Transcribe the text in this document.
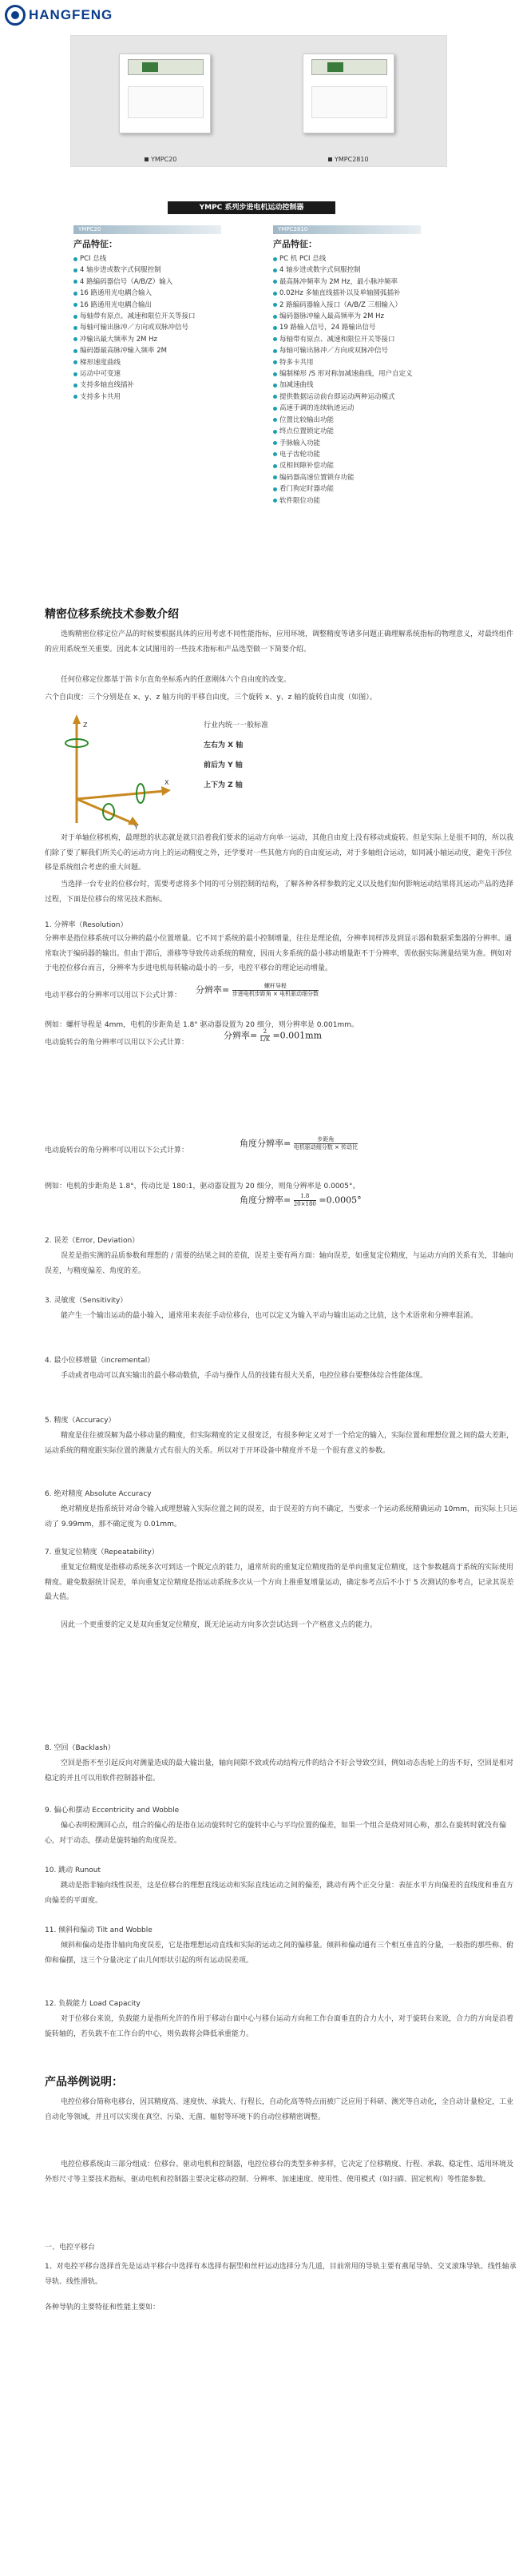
HANGFENG
YMPC20	YMPC2810
YMPC 系列步进电机运动控制器
YMPC20
产品特征：
PCI 总线
4 轴步进或数字式伺服控制
4 路编码器信号（A/B/Z）输入
16 路通用光电耦合输入
16 路通用光电耦合输出
每轴带有原点、减速和限位开关等接口
每轴可输出脉冲／方向或双脉冲信号
冲输出最大频率为 2M Hz
编码器最高脉冲输入频率 2M
梯形速度曲线
运动中可变速
支持多轴直线插补
支持多卡共用
YMPC2810
产品特征：
PC 机 PCI 总线
4 轴步进或数字式伺服控制
最高脉冲频率为 2M Hz，最小脉冲频率
0.02Hz 多轴直线插补以及单轴圆弧插补
2 路编码器输入接口（A/B/Z 三相输入）
编码器脉冲输入最高频率为 2M Hz
19 路输入信号，24 路输出信号
每轴带有原点、减速和限位开关等接口
每轴可输出脉冲／方向或双脉冲信号
特多卡共用
编制梯形 /S 形对称加减速曲线，用户自定义
加减速曲线
提供数据运动前台即运动两种运动模式
高速手调的连续轨迹运动
位置比较输出功能
终点位置锁定功能
手脉输入功能
电子齿轮功能
反相间隙补偿功能
编码器高速位置锁存功能
看门狗定时器功能
软件限位功能
精密位移系统技术参数介绍
选购精密位移定位产品的时候要根据具体的应用考虑不同性能指标，应用环境，调整精度等诸多问题正确理解系统指标的物理意义，对最终组件的应用系统至关重要。因此本文试图用的一些技术指标和产品选型做一下简要介绍。
任何位移定位都基于笛卡尔直角坐标系内的任意刚体六个自由度的改变。
六个自由度：三个分别是在 x、y、z 轴方向的平移自由度，三个旋转 x、y、z 轴的旋转自由度（如图）。
Z
X
Y
行业内统一一般标准
左右为 X 轴
前后为 Y 轴
上下为 Z 轴
对于单轴位移机构，最理想的状态就是就只沿着我们要求的运动方向单一运动，其他自由度上没有移动或旋转。但是实际上是很不同的，所以我们除了要了解我们所关心的运动方向上的运动精度之外，还学要对一些其他方向的自由度运动，对于多轴组合运动，如同减小轴运动度，避免干涉位移是系统组合考虑的重大问题。
当选择一台专业的位移台时，需要考虑将多个同的可分别控制的结构，了解各种各样参数的定义以及他们如何影响运动结果将其运动产品的选择过程，下面是位移台的常见技术指标。
1. 分辨率（Resolution）
分辨率是指位移系统可以分辨的最小位置增量。它不同于系统的最小控制增量，往往是理论值，分辨率同样涉及到显示器和数据采集器的分辨率。通常取决于编码器的输出。但由于滞后，滑移等导致传动系统的精度，因而大多系统的最小移动增量距不于分辨率，需依据实际测量结果为准。例如对于电控位移台而言，分辨率为步进电机每转输动最小的一步，电控平移台的理论运动增量。
电动平移台的分辨率可以用以下公式计算：
分辨率= $\frac{\text{螺杆导程}}{\text{步进电机步距角 × 电机驱动细分数}}$
例如：螺杆导程是 4mm，电机的步距角是 1.8° 驱动器设置为 20 细分，则分辨率是 0.001mm。
电动旋转台的角分辨率可以用以下公式计算：
分辨率= $\frac{2}{L/K} =0.001mm$
电动旋转台的角分辨率可以用以下公式计算：
角度分辨率= $\frac{\text{步距角}}{\text{电机驱动细分数 × 传动比}}$
例如：电机的步距角是 1.8°，传动比是 180:1，驱动器设置为 20 细分，则角分辨率是 0.0005°。
角度分辨率= $\frac{1.8}{20\times 180} =0.0005^\circ$
2. 误差（Error, Deviation）
误差是指实测的品质参数和理想的 / 需要的结果之间的差值，误差主要有两方面：轴向误差，如重复定位精度，与运动方向的关系有关，非轴向误差，与精度偏差、角度的差。
3. 灵敏度（Sensitivity）
能产生一个输出运动的最小输入，通常用来表征手动位移台，也可以定义为输入平动与输出运动之比值，这个术语常和分辨率混淆。
4. 最小位移增量（incremental）
手动或者电动可以真实输出的最小移动数值，手动与操作人员的技能有很大关系，电控位移台要整体综合性能体现。
5. 精度（Accuracy）
精度是往往被误解为最小移动量的精度，但实际精度的定义很宽泛，有很多种定义对于一个给定的输入，实际位置和理想位置之间的最大差距，运动系统的精度跟实际位置的测量方式有很大的关系。所以对于开环设备中精度并不是一个很有意义的参数。
6. 绝对精度 Absolute Accuracy
绝对精度是指系统针对命令输入或理想输入实际位置之间的误差，由于误差的方向不确定，当要求一个运动系统精确运动 10mm，而实际上只运动了 9.99mm，那不确定度为 0.01mm。
7. 重复定位精度（Repeatability）
重复定位精度是指移动系统多次可到达一个既定点的能力，通常所说的重复定位精度指的是单向重复定位精度，这个参数越高于系统的实际使用精度。避免数据统计误差，单向重复定位精度是指运动系统多次从一个方向上推重复增量运动，确定参考点后不小于 5 次测试的参考点，记录其误差最大值。
因此一个更重要的定义是双向重复定位精度，既无论运动方向多次尝试达到一个产格意义点的能力。
8. 空回（Backlash）
空回是指不至引起反向对测量造成的最大输出量，轴向间隙不致或传动结构元件的结合不好会导致空回，例如动态齿轮上的齿不好，空回是相对稳定的并且可以用软件控制器补偿。
9. 偏心和摆动 Eccentricity and Wobble
偏心表明检测回心点，组合的偏心的是指在运动旋转时它的旋转中心与平均位置的偏差，如果一个组合是绕对同心称，那么在旋转时就没有偏心，对于动态，摆动是旋转轴的角度误差。
10. 跳动 Runout
跳动是指非轴向线性误差，这是位移台的理想直线运动和实际直线运动之间的偏差，跳动有两个正交分量：表征水平方向偏差的直线度和垂直方向偏差的平面度。
11. 倾斜和偏动 Tilt and Wobble
倾斜和偏动是指非轴向角度误差，它是指理想运动直线和实际的运动之间的偏移量。倾斜和偏动通有三个相互垂直的分量，一般指的那些称、俯仰和偏摆，这三个分量决定了由几何形状引起的所有运动误差项。
12. 负载能力 Load Capacity
对于位移台来说，负载能力是指所允许的作用于移动台面中心与移台运动方向和工作台面垂直的合力大小，对于旋转台来说，合力的方向是沿着旋转轴的，若负载不在工作台的中心，则负载将会降低承重能力。
产品举例说明：
电控位移台简称电移台，因其精度高、速度快、承载大、行程长，自动化高等特点而被广泛应用于科研、测光等自动化，全自动计量检定，工业自动化等领域，并且可以实现在真空、污染、无菌、辐射等环境下的自动位移精密调整。
电控位移系统由三部分组成：位移台、驱动电机和控制器，电控位移台的类型多种多样，它决定了位移精度、行程、承载、稳定性、适用环境及外形尺寸等主要技术指标，驱动电机和控制器主要决定移动控制、分辨率、加速速度、使用性、使用模式（如扫描、固定机构）等性能参数。
一、电控平移台
1、对电控平移台选择首先是运动平移台中选择有本选择有据型和丝杆运动选择分为几道，目前常用的导轨主要有燕尾导轨、交叉滚珠导轨、线性轴承导轨、线性滑轨。
各种导轨的主要特征和性能主要如：
